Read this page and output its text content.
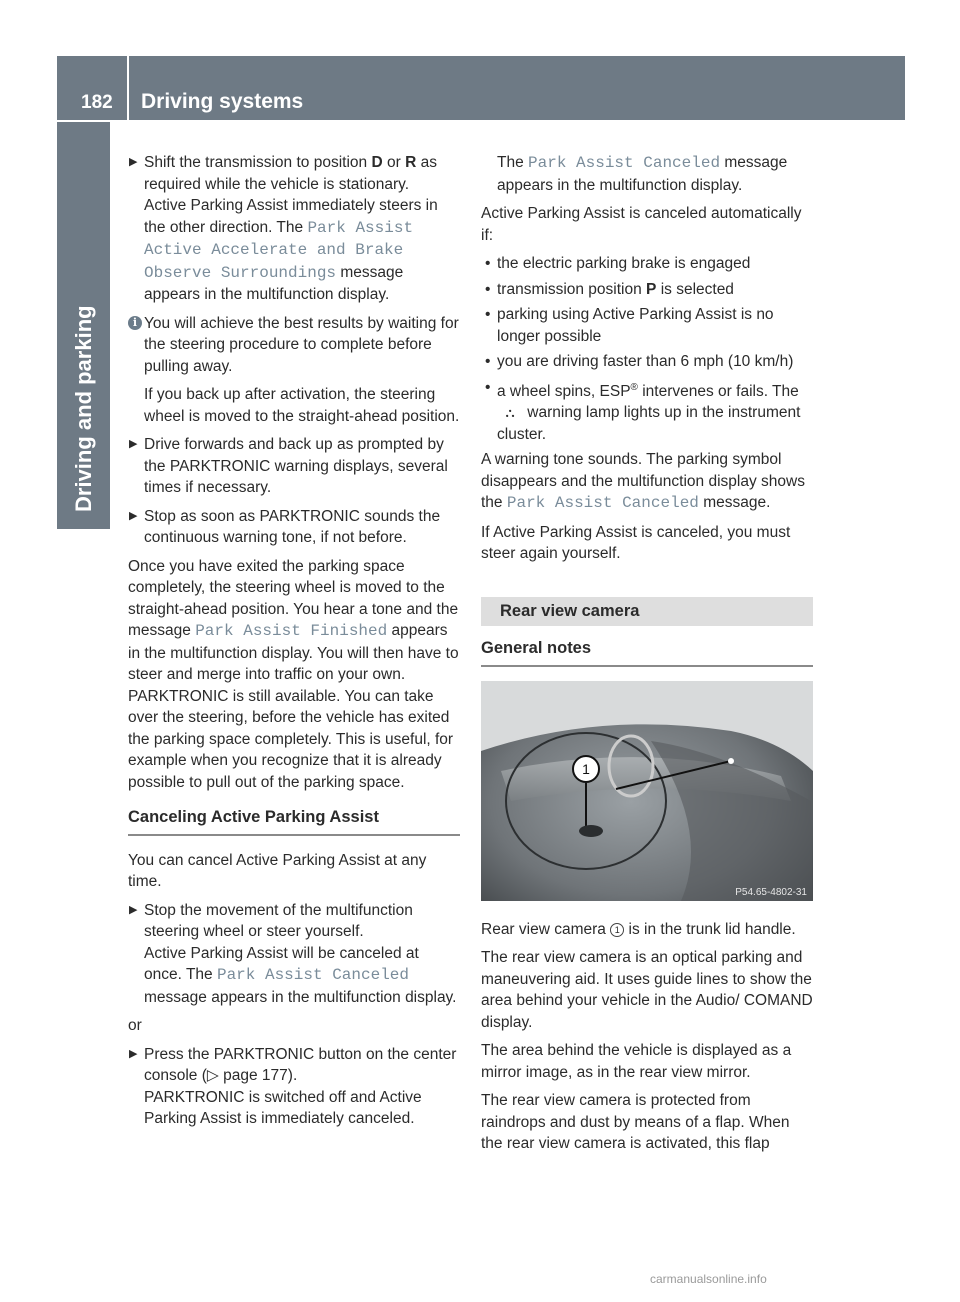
182 Driving systems
Driving and parking
▶ Shift the transmission to position D or R as required while the vehicle is stationary.
Active Parking Assist immediately steers in the other direction. The Park Assist Active Accelerate and Brake Observe Surroundings message appears in the multifunction display.
i You will achieve the best results by waiting for the steering procedure to complete before pulling away.

If you back up after activation, the steering wheel is moved to the straight-ahead position.

▶ Drive forwards and back up as prompted by the PARKTRONIC warning displays, several times if necessary.
▶ Stop as soon as PARKTRONIC sounds the continuous warning tone, if not before.

Once you have exited the parking space completely, the steering wheel is moved to the straight-ahead position. You hear a tone and the message Park Assist Finished appears in the multifunction display. You will then have to steer and merge into traffic on your own. PARKTRONIC is still available. You can take over the steering, before the vehicle has exited the parking space completely. This is useful, for example when you recognize that it is already possible to pull out of the parking space.

Canceling Active Parking Assist

You can cancel Active Parking Assist at any time.

▶ Stop the movement of the multifunction steering wheel or steer yourself.
Active Parking Assist will be canceled at once. The Park Assist Canceled message appears in the multifunction display.

or

▶ Press the PARKTRONIC button on the center console (▷ page 177).
PARKTRONIC is switched off and Active Parking Assist is immediately canceled.

The Park Assist Canceled message appears in the multifunction display.

Active Parking Assist is canceled automatically if:

• the electric parking brake is engaged
• transmission position P is selected
• parking using Active Parking Assist is no longer possible
• you are driving faster than 6 mph (10 km/h)
• a wheel spins, ESP® intervenes or fails. The ⛬ warning lamp lights up in the instrument cluster.

A warning tone sounds. The parking symbol disappears and the multifunction display shows the Park Assist Canceled message.

If Active Parking Assist is canceled, you must steer again yourself.

Rear view camera
General notes
1
P54.65-4802-31

Rear view camera 1 is in the trunk lid handle.

The rear view camera is an optical parking and maneuvering aid. It uses guide lines to show the area behind your vehicle in the Audio/ COMAND display.

The area behind the vehicle is displayed as a mirror image, as in the rear view mirror.

The rear view camera is protected from raindrops and dust by means of a flap. When the rear view camera is activated, this flap

carmanualsonline.info
